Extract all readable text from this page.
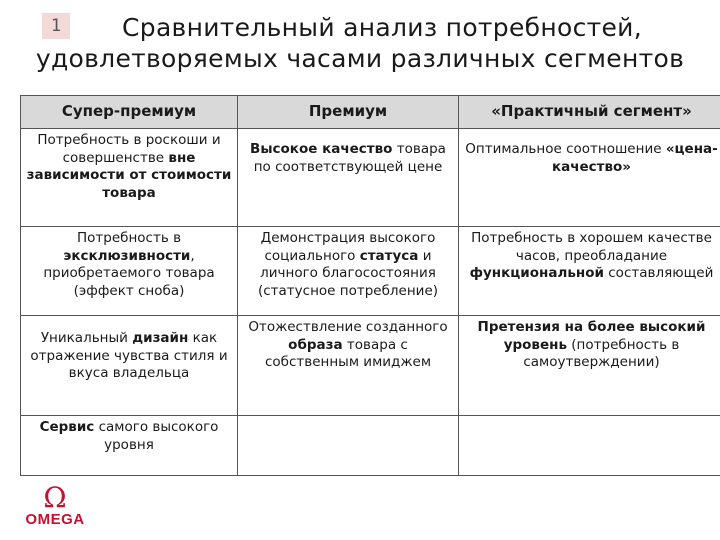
1	Сравнительный анализ потребностей,
удовлетворяемых часами различных сегментов
Супер-премиум	Премиум	«Практичный сегмент»
Потребность в роскоши и совершенстве вне зависимости от стоимости товара	Высокое качество товара по соответствующей цене	Оптимальное соотношение «цена- качество»
Потребность в эксклюзивности, приобретаемого товара (эффект сноба)	Демонстрация высокого социального статуса и личного благосостояния (статусное потребление)	Потребность в хорошем качестве часов, преобладание функциональной составляющей
Уникальный дизайн как отражение чувства стиля и вкуса владельца	Отожествление созданного образа товара с собственным имиджем	Претензия на более высокий уровень (потребность в самоутверждении)
Сервис самого высокого уровня		
Ω
OMEGA
